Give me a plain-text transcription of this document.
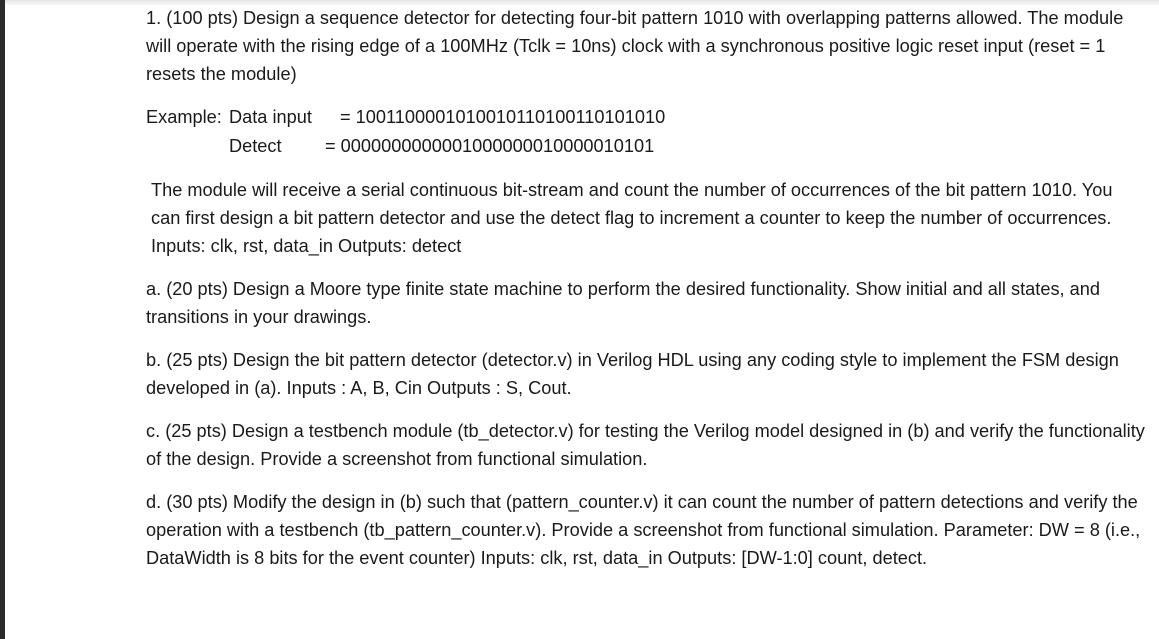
1. (100 pts) Design a sequence detector for detecting four-bit pattern 1010 with overlapping patterns allowed. The module will operate with the rising edge of a 100MHz (Tclk = 10ns) clock with a synchronous positive logic reset input (reset = 1 resets the module)

Example: Data input	= 1001100001010010110100110101010
Detect	= 0000000000001000000010000010101

The module will receive a serial continuous bit-stream and count the number of occurrences of the bit pattern 1010. You can first design a bit pattern detector and use the detect flag to increment a counter to keep the number of occurrences. Inputs: clk, rst, data_in Outputs: detect

a. (20 pts) Design a Moore type finite state machine to perform the desired functionality. Show initial and all states, and transitions in your drawings.

b. (25 pts) Design the bit pattern detector (detector.v) in Verilog HDL using any coding style to implement the FSM design developed in (a). Inputs : A, B, Cin Outputs : S, Cout.

c. (25 pts) Design a testbench module (tb_detector.v) for testing the Verilog model designed in (b) and verify the functionality of the design. Provide a screenshot from functional simulation.

d. (30 pts) Modify the design in (b) such that (pattern_counter.v) it can count the number of pattern detections and verify the operation with a testbench (tb_pattern_counter.v). Provide a screenshot from functional simulation. Parameter: DW = 8 (i.e., DataWidth is 8 bits for the event counter) Inputs: clk, rst, data_in Outputs: [DW-1:0] count, detect.
